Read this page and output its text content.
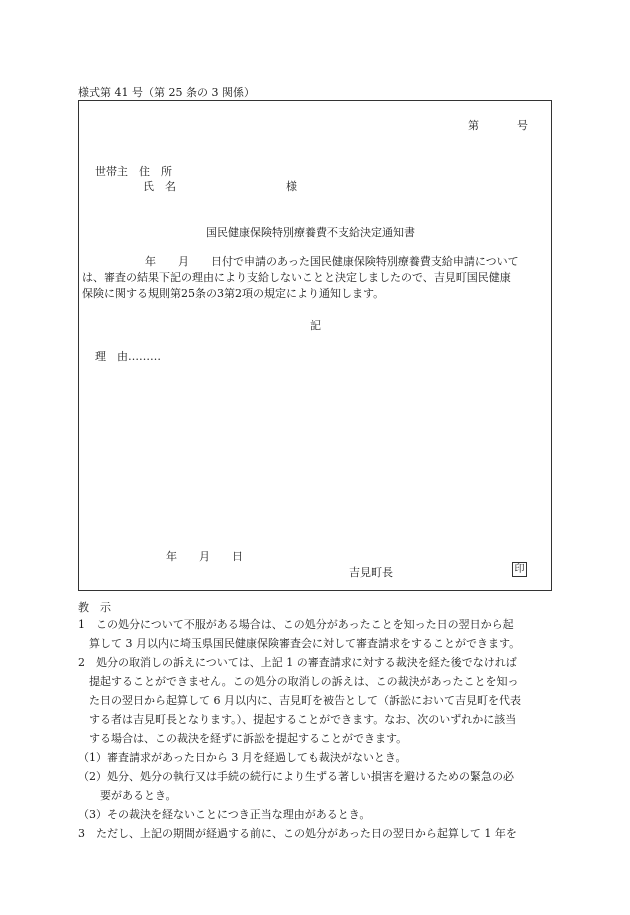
様式第 41 号（第 25 条の 3 関係）
第	号
世帯主　住　所
氏　名	様
国民健康保険特別療養費不支給決定通知書
年　　月　　日付で申請のあった国民健康保険特別療養費支給申請について
は、審査の結果下記の理由により支給しないことと決定しましたので、吉見町国民健康
保険に関する規則第25条の3第2項の規定により通知します。
記
理　由………
年　　月　　日
吉見町長	印
教　示
1　この処分について不服がある場合は、この処分があったことを知った日の翌日から起
算して 3 月以内に埼玉県国民健康保険審査会に対して審査請求をすることができます。
2　処分の取消しの訴えについては、上記 1 の審査請求に対する裁決を経た後でなければ
提起することができません。この処分の取消しの訴えは、この裁決があったことを知っ
た日の翌日から起算して 6 月以内に、吉見町を被告として（訴訟において吉見町を代表
する者は吉見町長となります。）、提起することができます。なお、次のいずれかに該当
する場合は、この裁決を経ずに訴訟を提起することができます。
（1）審査請求があった日から 3 月を経過しても裁決がないとき。
（2）処分、処分の執行又は手続の続行により生ずる著しい損害を避けるための緊急の必
要があるとき。
（3）その裁決を経ないことにつき正当な理由があるとき。
3　ただし、上記の期間が経過する前に、この処分があった日の翌日から起算して 1 年を
